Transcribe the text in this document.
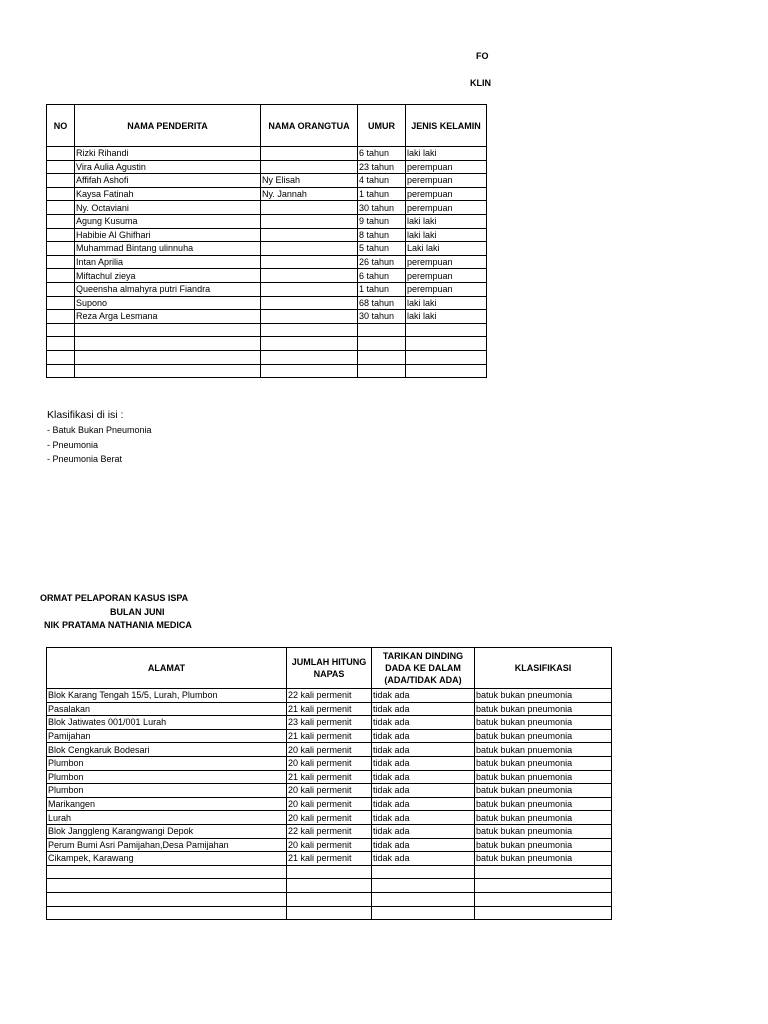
FO
KLIN
NO	NAMA PENDERITA	NAMA ORANGTUA	UMUR	JENIS KELAMIN
	Rizki Rihandi		6 tahun	laki laki
	Vira Aulia Agustin		23 tahun	perempuan
	Affifah Ashofi	Ny Elisah	4 tahun	perempuan
	Kaysa Fatinah	Ny. Jannah	1 tahun	perempuan
	Ny. Octaviani		30 tahun	perempuan
	Agung Kusuma		9 tahun	laki laki
	Habibie Al Ghifhari		8 tahun	laki laki
	Muhammad Bintang ulinnuha		5 tahun	Laki laki
	Intan Aprilia		26 tahun	perempuan
	Miftachul zieya		6 tahun	perempuan
	Queensha almahyra putri Fiandra		1 tahun	perempuan
	Supono		68 tahun	laki laki
	Reza Arga Lesmana		30 tahun	laki laki

Klasifikasi di isi :
- Batuk Bukan Pneumonia
- Pneumonia
- Pneumonia Berat
ORMAT PELAPORAN KASUS ISPA
BULAN JUNI
NIK PRATAMA NATHANIA MEDICA
ALAMAT	JUMLAH HITUNG NAPAS	TARIKAN DINDING DADA KE DALAM (ADA/TIDAK ADA)	KLASIFIKASI
Blok Karang Tengah 15/5, Lurah, Plumbon	22 kali permenit	tidak ada	batuk bukan pneumonia
Pasalakan	21 kali permenit	tidak ada	batuk bukan pneumonia
Blok Jatiwates 001/001 Lurah	23 kali permenit	tidak ada	batuk bukan pneumonia
Pamijahan	21 kali permenit	tidak ada	batuk bukan pneumonia
Blok Cengkaruk Bodesari	20 kali permenit	tidak ada	batuk bukan pnuemonia
Plumbon	20 kali permenit	tidak ada	batuk bukan pneumonia
Plumbon	21 kali permenit	tidak ada	batuk bukan pnuemonia
Plumbon	20 kali permenit	tidak ada	batuk bukan pneumonia
Marikangen	20 kali permenit	tidak ada	batuk bukan pneumonia
Lurah	20 kali permenit	tidak ada	batuk bukan pneumonia
Blok Janggleng Karangwangi Depok	22 kali permenit	tidak ada	batuk bukan pneumonia
Perum Bumi Asri Pamijahan,Desa Pamijahan	20 kali permenit	tidak ada	batuk bukan pneumonia
Cikampek, Karawang	21 kali permenit	tidak ada	batuk bukan pneumonia
